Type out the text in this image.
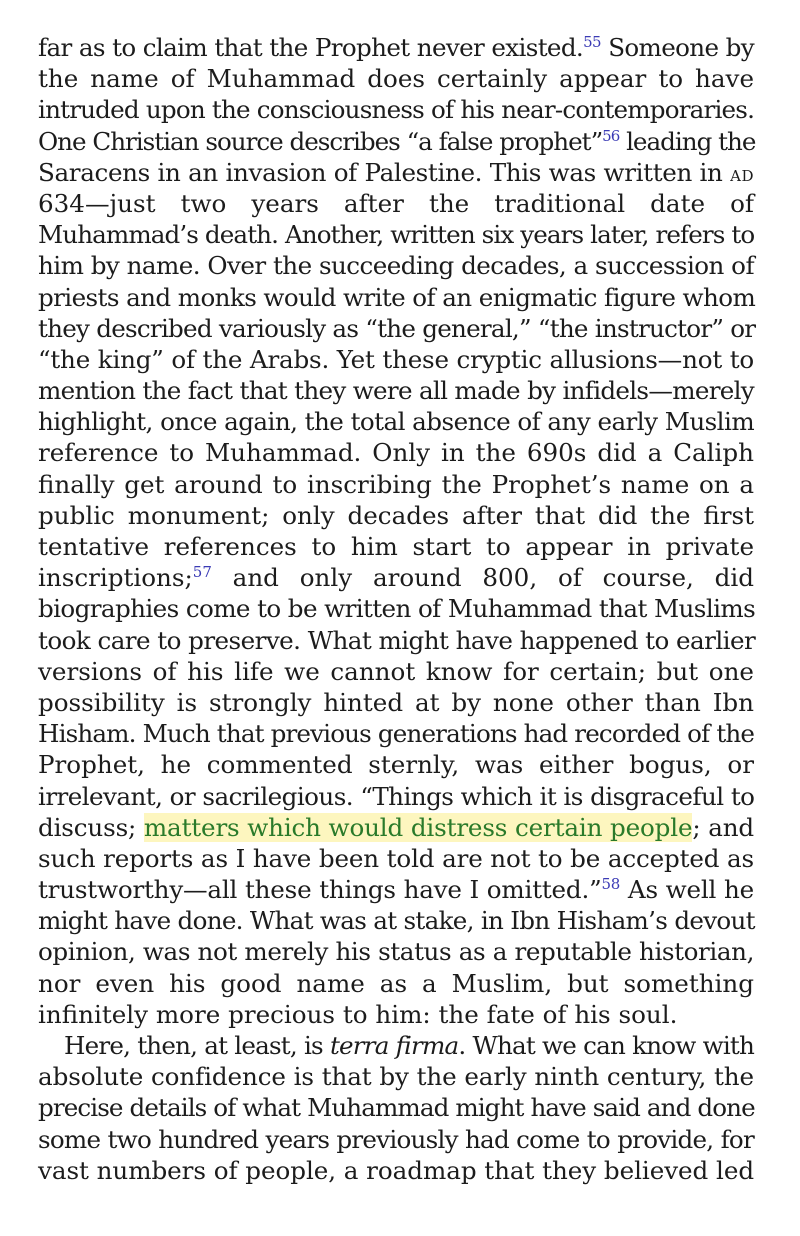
far as to claim that the Prophet never existed.$^{55}$ Someone by
the name of Muhammad does certainly appear to have
intruded upon the consciousness of his near-contemporaries.
One Christian source describes “a false prophet”$^{56}$ leading the
Saracens in an invasion of Palestine. This was written in AD
634—just two years after the traditional date of
Muhammad’s death. Another, written six years later, refers to
him by name. Over the succeeding decades, a succession of
priests and monks would write of an enigmatic figure whom
they described variously as “the general,” “the instructor” or
“the king” of the Arabs. Yet these cryptic allusions—not to
mention the fact that they were all made by infidels—merely
highlight, once again, the total absence of any early Muslim
reference to Muhammad. Only in the 690s did a Caliph
finally get around to inscribing the Prophet’s name on a
public monument; only decades after that did the first
tentative references to him start to appear in private
inscriptions;$^{57}$ and only around 800, of course, did
biographies come to be written of Muhammad that Muslims
took care to preserve. What might have happened to earlier
versions of his life we cannot know for certain; but one
possibility is strongly hinted at by none other than Ibn
Hisham. Much that previous generations had recorded of the
Prophet, he commented sternly, was either bogus, or
irrelevant, or sacrilegious. “Things which it is disgraceful to
discuss; matters which would distress certain people; and
such reports as I have been told are not to be accepted as
trustworthy—all these things have I omitted.”$^{58}$ As well he
might have done. What was at stake, in Ibn Hisham’s devout
opinion, was not merely his status as a reputable historian,
nor even his good name as a Muslim, but something
infinitely more precious to him: the fate of his soul.
Here, then, at least, is terra firma. What we can know with
absolute confidence is that by the early ninth century, the
precise details of what Muhammad might have said and done
some two hundred years previously had come to provide, for
vast numbers of people, a roadmap that they believed led
